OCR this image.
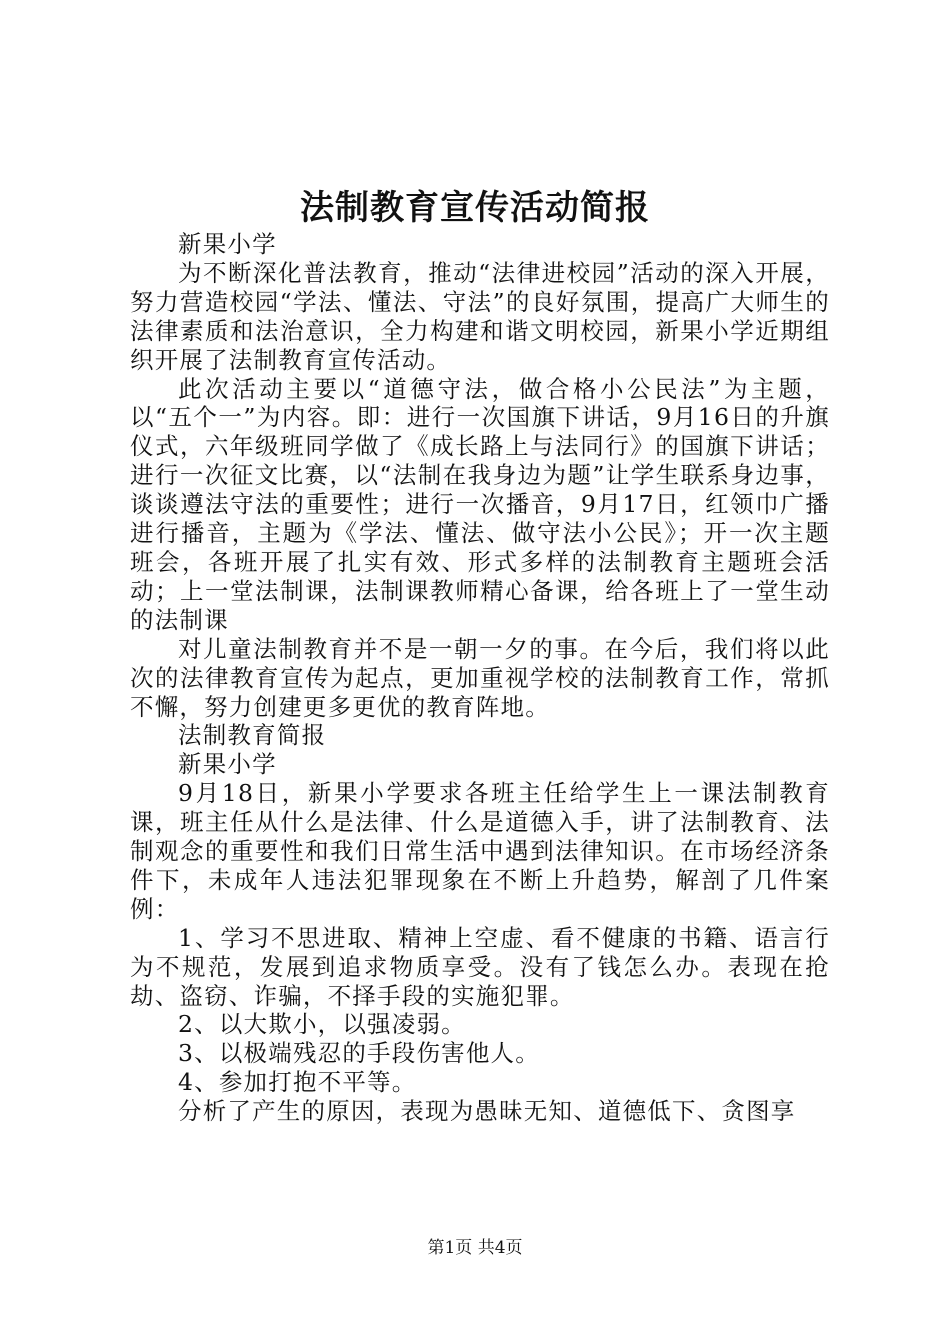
法制教育宣传活动简报

新果小学

为不断深化普法教育，推动“法律进校园”活动的深入开展，努力营造校园“学法、懂法、守法”的良好氛围，提高广大师生的法律素质和法治意识，全力构建和谐文明校园，新果小学近期组织开展了法制教育宣传活动。

此次活动主要以“道德守法，做合格小公民法”为主题，以“五个一”为内容。即：进行一次国旗下讲话，9月16日的升旗仪式，六年级班同学做了《成长路上与法同行》的国旗下讲话；进行一次征文比赛，以“法制在我身边为题”让学生联系身边事，谈谈遵法守法的重要性；进行一次播音，9月17日，红领巾广播进行播音，主题为《学法、懂法、做守法小公民》；开一次主题班会，各班开展了扎实有效、形式多样的法制教育主题班会活动；上一堂法制课，法制课教师精心备课，给各班上了一堂生动的法制课

对儿童法制教育并不是一朝一夕的事。在今后，我们将以此次的法律教育宣传为起点，更加重视学校的法制教育工作，常抓不懈，努力创建更多更优的教育阵地。

法制教育简报

新果小学

9月18日，新果小学要求各班主任给学生上一课法制教育课，班主任从什么是法律、什么是道德入手，讲了法制教育、法制观念的重要性和我们日常生活中遇到法律知识。在市场经济条件下，未成年人违法犯罪现象在不断上升趋势，解剖了几件案例：

1、学习不思进取、精神上空虚、看不健康的书籍、语言行为不规范，发展到追求物质享受。没有了钱怎么办。表现在抢劫、盗窃、诈骗，不择手段的实施犯罪。

2、以大欺小，以强凌弱。

3、以极端残忍的手段伤害他人。

4、参加打抱不平等。

分析了产生的原因，表现为愚昧无知、道德低下、贪图享

第1页 共4页
